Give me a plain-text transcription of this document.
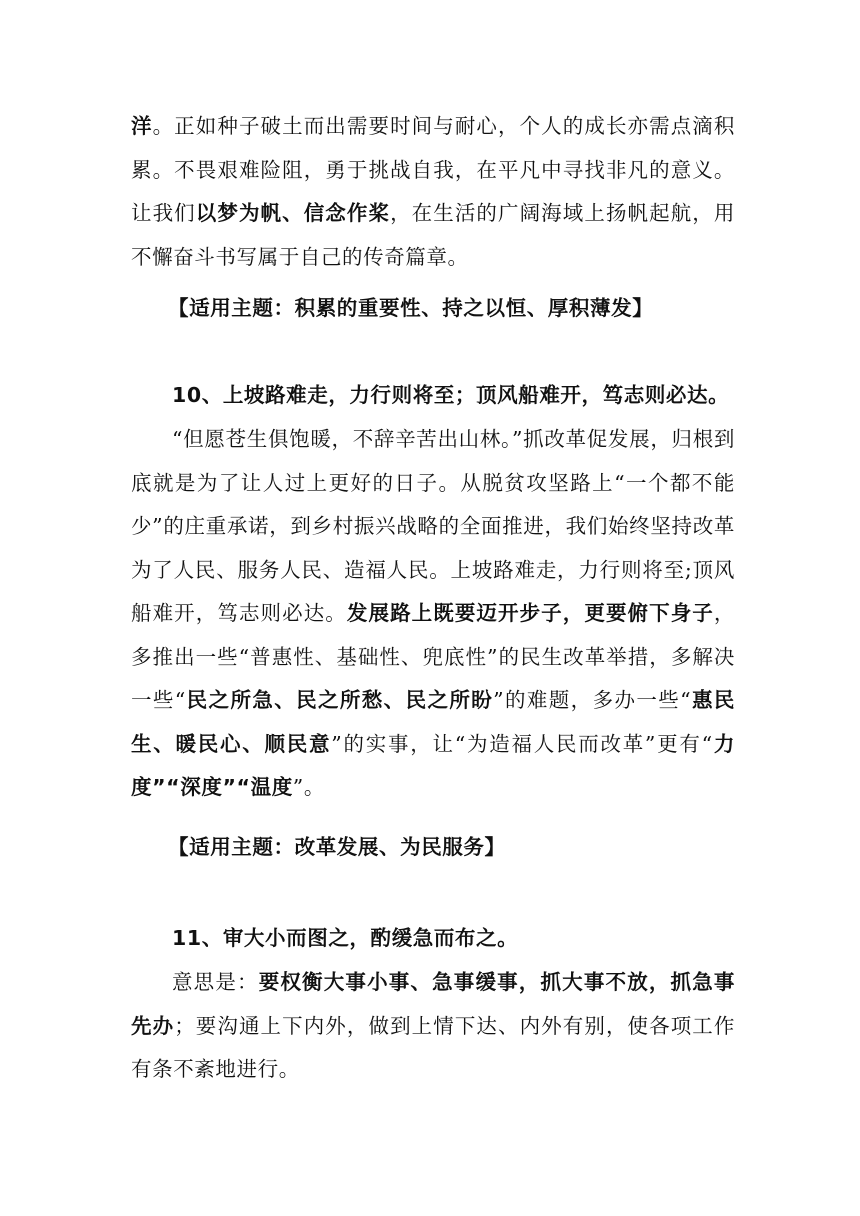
洋。正如种子破土而出需要时间与耐心，个人的成长亦需点滴积累。不畏艰难险阻，勇于挑战自我，在平凡中寻找非凡的意义。让我们以梦为帆、信念作桨，在生活的广阔海域上扬帆起航，用不懈奋斗书写属于自己的传奇篇章。

【适用主题：积累的重要性、持之以恒、厚积薄发】

10、上坡路难走，力行则将至；顶风船难开，笃志则必达。

“但愿苍生俱饱暖，不辞辛苦出山林。”抓改革促发展，归根到底就是为了让人过上更好的日子。从脱贫攻坚路上“一个都不能少”的庄重承诺，到乡村振兴战略的全面推进，我们始终坚持改革为了人民、服务人民、造福人民。上坡路难走，力行则将至;顶风船难开，笃志则必达。发展路上既要迈开步子，更要俯下身子，多推出一些“普惠性、基础性、兜底性”的民生改革举措，多解决一些“民之所急、民之所愁、民之所盼”的难题，多办一些“惠民生、暖民心、顺民意”的实事，让“为造福人民而改革”更有“力度”“深度”“温度”。

【适用主题：改革发展、为民服务】

11、审大小而图之，酌缓急而布之。

意思是：要权衡大事小事、急事缓事，抓大事不放，抓急事先办；要沟通上下内外，做到上情下达、内外有别，使各项工作有条不紊地进行。
